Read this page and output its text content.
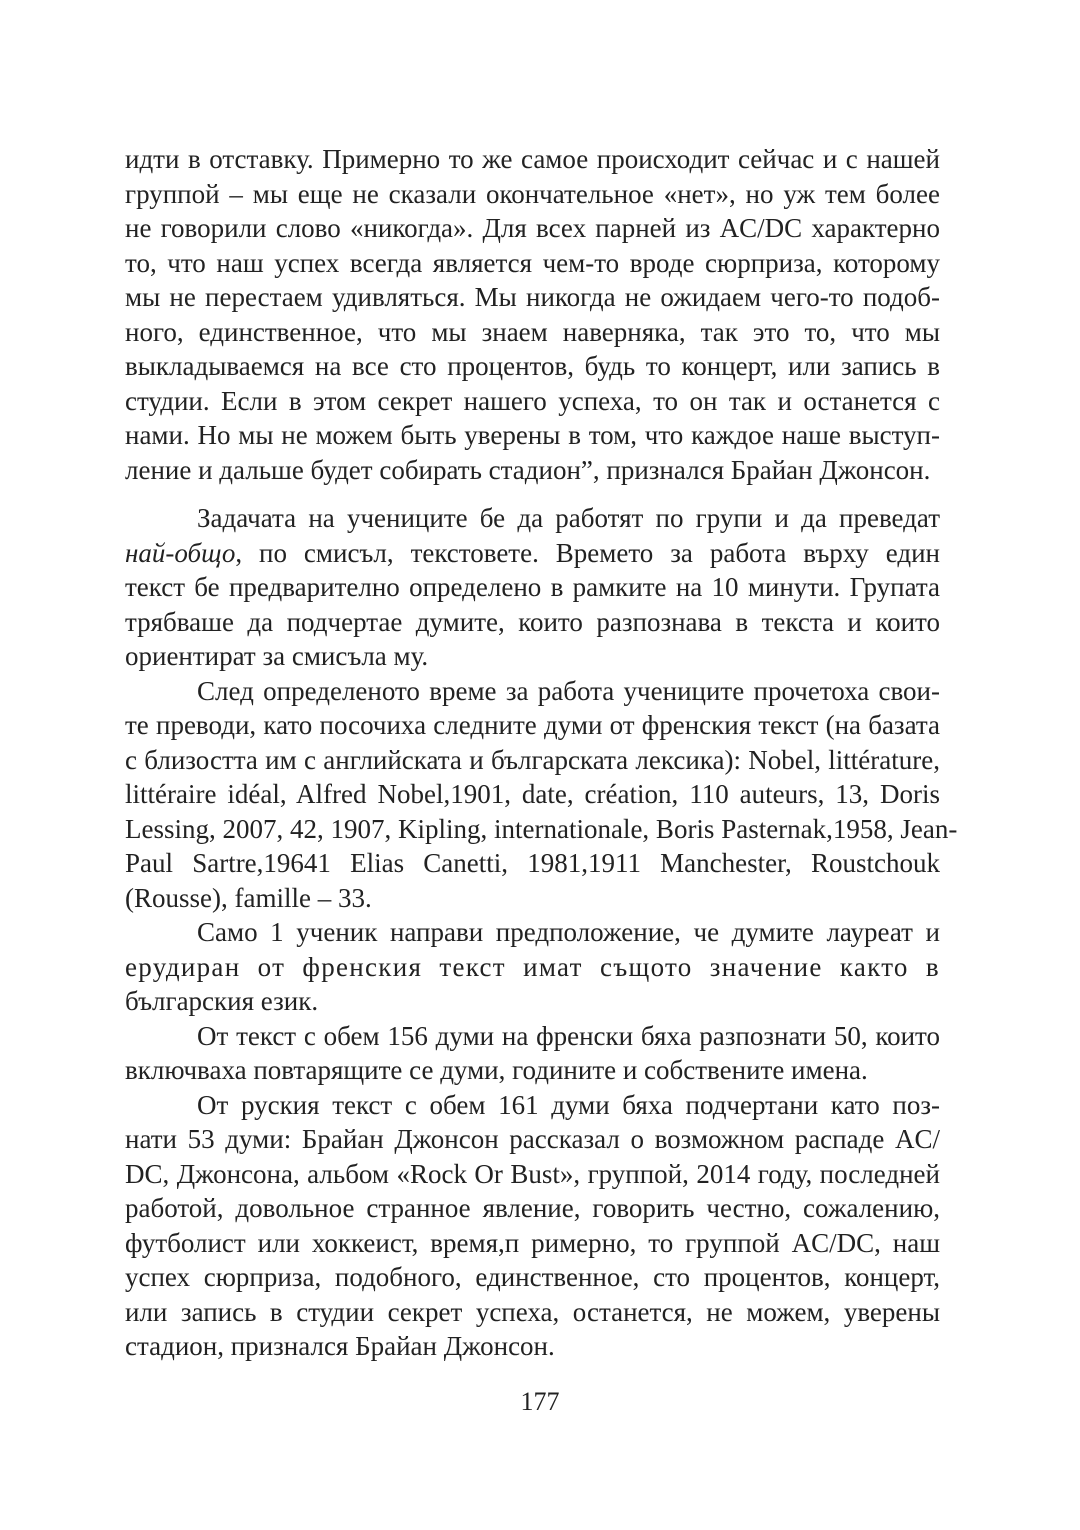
идти в отставку. Примерно то же самое происходит сейчас и с нашей
группой – мы еще не сказали окончательное «нет», но уж тем более
не говорили слово «никогда». Для всех парней из AC/DC характерно
то, что наш успех всегда является чем-то вроде сюрприза, которому
мы не перестаем удивляться. Мы никогда не ожидаем чего-то подоб-
ного, единственное, что мы знаем наверняка, так это то, что мы
выкладываемся на все сто процентов, будь то концерт, или запись в
студии. Если в этом секрет нашего успеха, то он так и останется с
нами. Но мы не можем быть уверены в том, что каждое наше выступ-
ление и дальше будет собирать стадион”, признался Брайан Джонсон.
Задачата на учениците бе да работят по групи и да преведат
най-общо, по смисъл, текстовете. Времето за работа върху един
текст бе предварително определено в рамките на 10 минути. Групата
трябваше да подчертае думите, които разпознава в текста и които
ориентират за смисъла му.
След определеното време за работа учениците прочетоха свои-
те преводи, като посочиха следните думи от френския текст (на базата
с близостта им с английската и българската лексика): Nobel, littérature,
littéraire idéal, Alfred Nobel,1901, date, création, 110 auteurs, 13, Doris
Lessing, 2007, 42, 1907, Kipling, internationale, Boris Pasternak,1958, Jean-
Paul Sartre,19641 Elias Canetti, 1981,1911 Manchester, Roustchouk
(Rousse), famille – 33.
Само 1 ученик направи предположение, че думите лауреат и
ерудиран от френския текст имат същото значение както в
българския език.
От текст с обем 156 думи на френски бяха разпознати 50, които
включваха повтарящите се думи, годините и собствените имена.
От руския текст с обем 161 думи бяха подчертани като поз-
нати 53 думи: Брайан Джонсон рассказал о возможном распаде AC/
DC, Джонсона, альбом «Rock Or Bust», группой, 2014 году, последней
работой, довольное странное явление, говорить честно, сожалению,
футболист или хоккеист, время,п римерно, то группой AC/DC, наш
успех сюрприза, подобного, единственное, сто процентов, концерт,
или запись в студии секрет успеха, останется, не можем, уверены
стадион, признался Брайан Джонсон.
177
